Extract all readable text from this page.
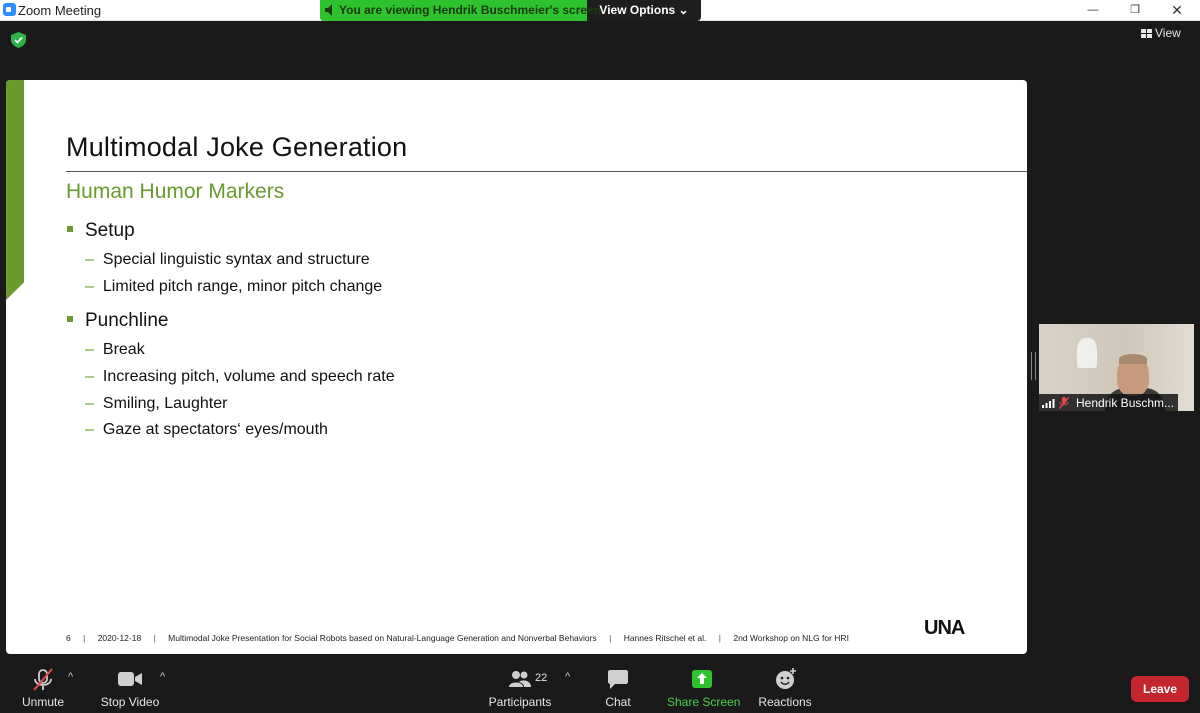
Zoom Meeting	—	❐	✕
You are viewing Hendrik Buschmeier's screen
View Options ⌄
View
Multimodal Joke Generation
Human Humor Markers
Setup
– Special linguistic syntax and structure
– Limited pitch range, minor pitch change
Punchline
– Break
– Increasing pitch, volume and speech rate
– Smiling, Laughter
– Gaze at spectators‘ eyes/mouth
6 | 2020-12-18 | Multimodal Joke Presentation for Social Robots based on Natural-Language Generation and Nonverbal Behaviors | Hannes Ritschel et al. | 2nd Workshop on NLG for HRI	UNA
Hendrik Buschm...
Unmute
^
Stop Video
^
Participants
22 ^
Chat	Share Screen Reactions
Leave
